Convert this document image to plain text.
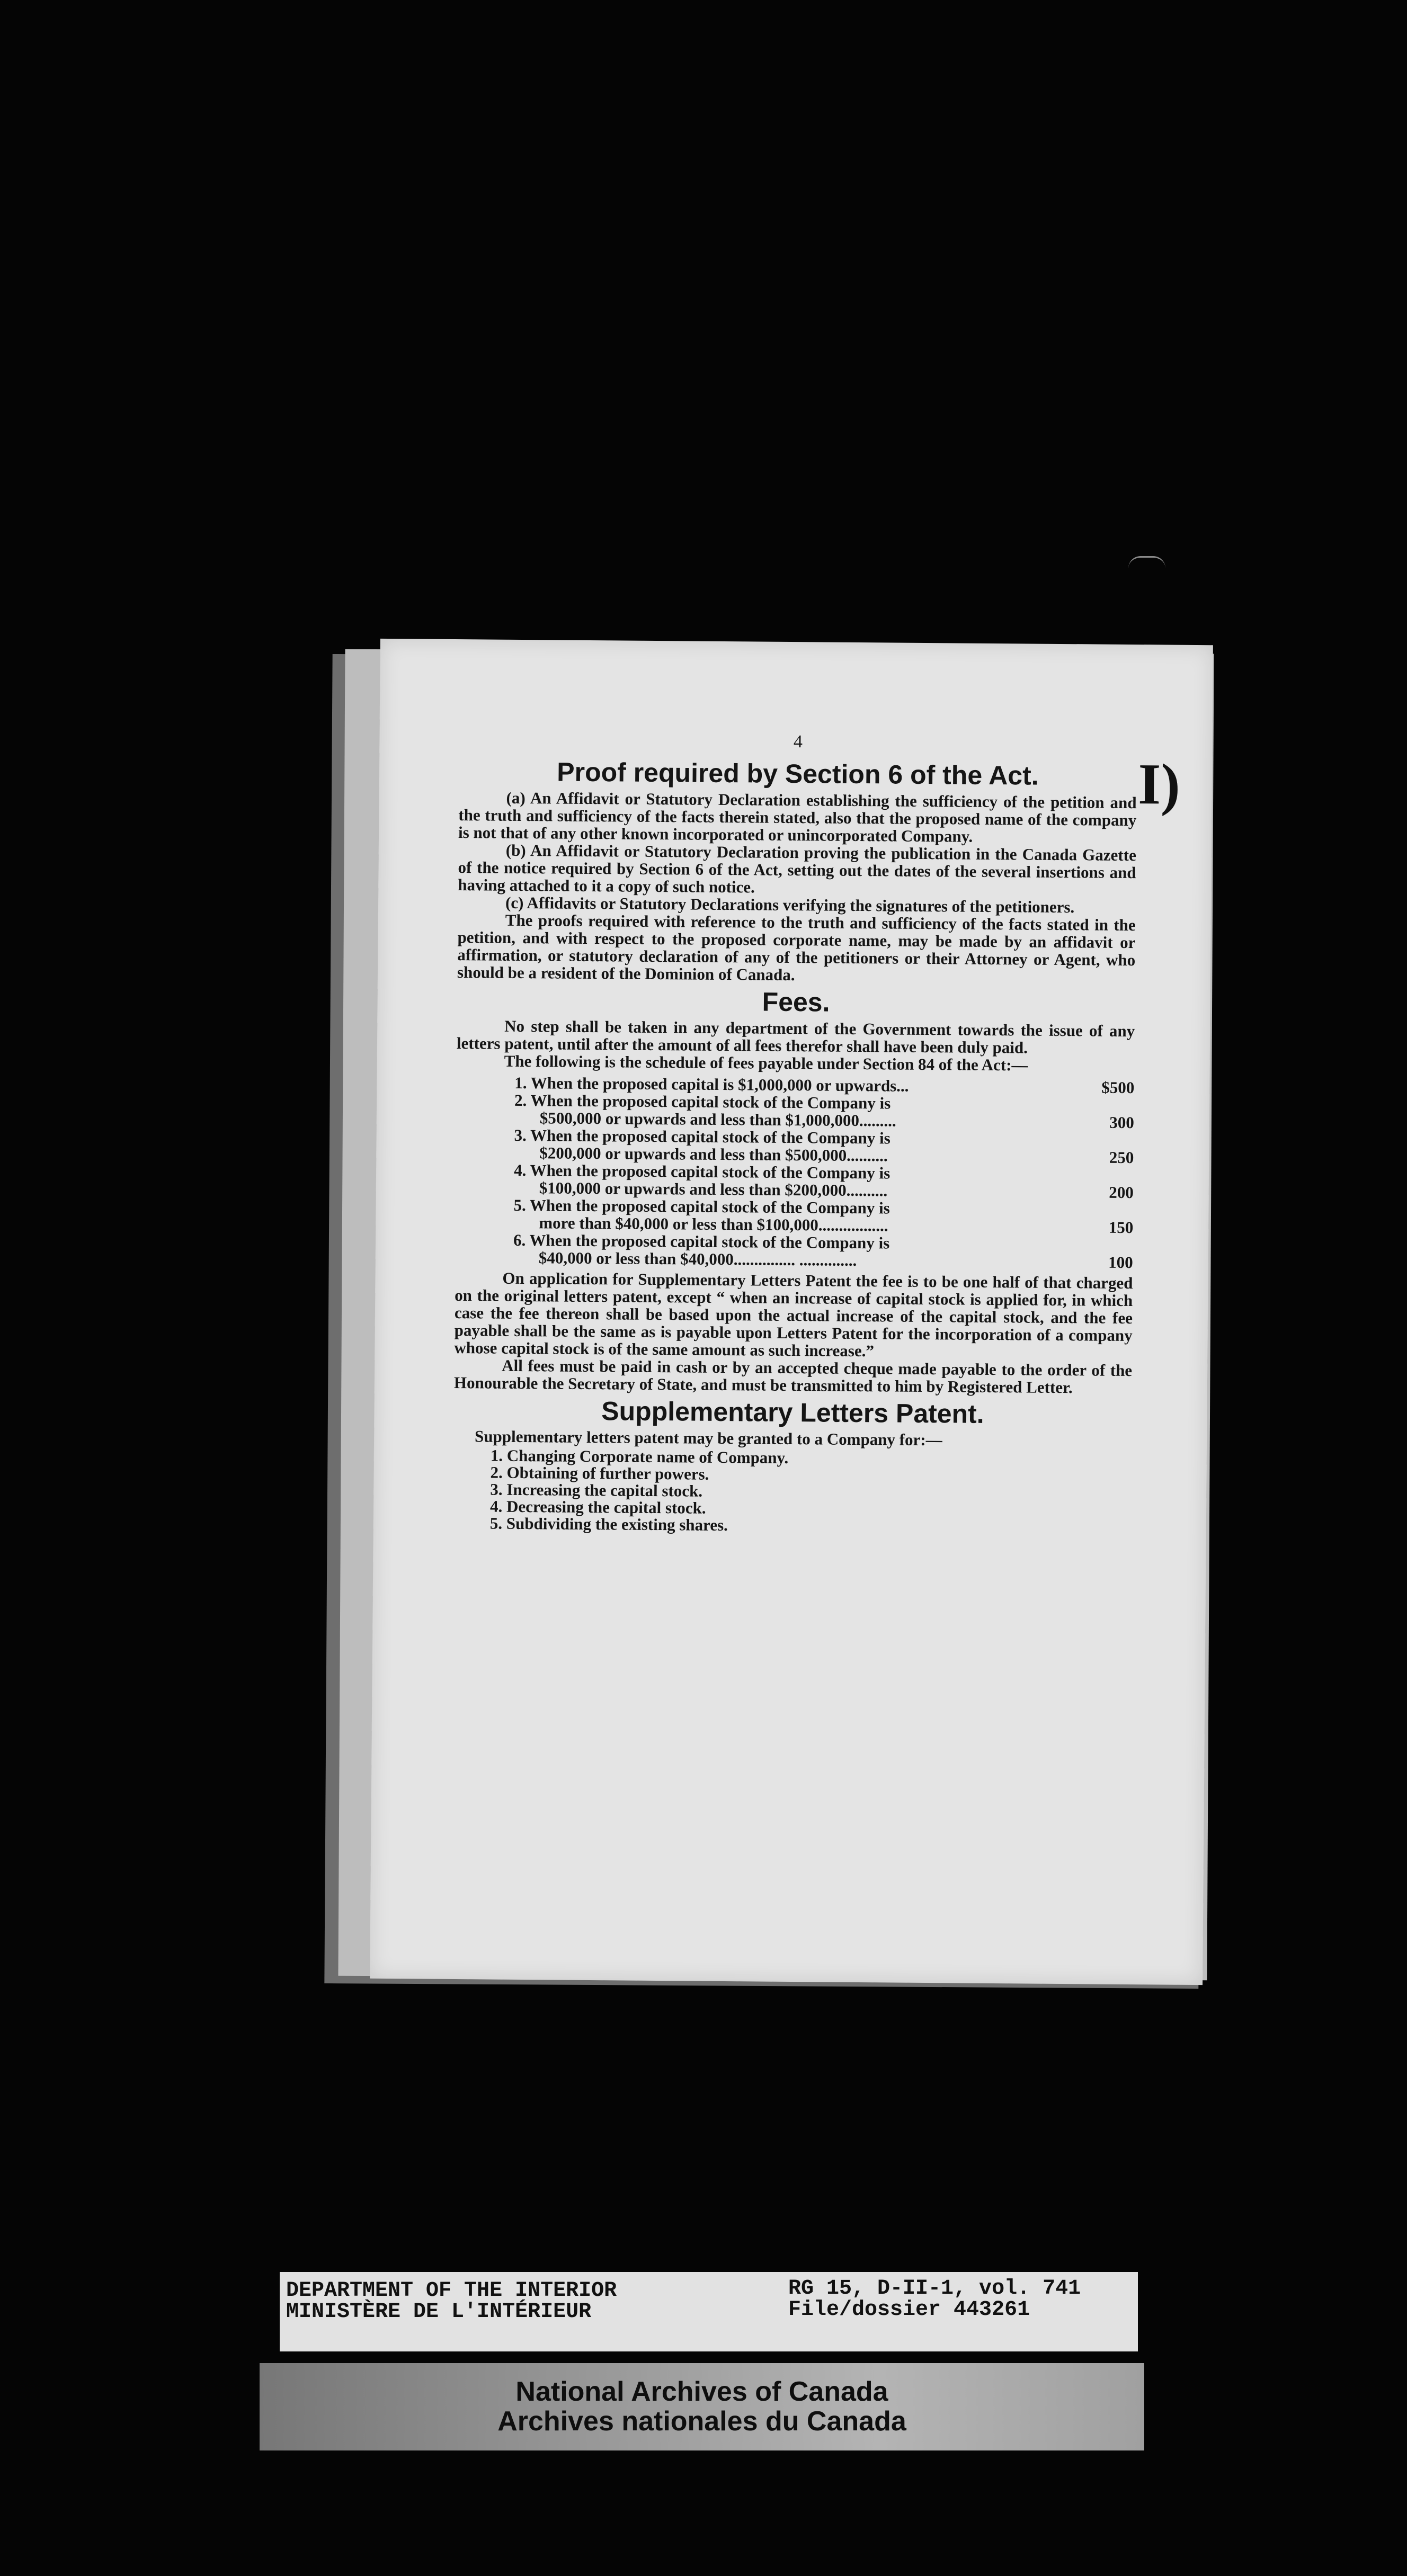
I)
4
Proof required by Section 6 of the Act.

(a) An Affidavit or Statutory Declaration establishing the sufficiency of the petition and the truth and sufficiency of the facts therein stated, also that the proposed name of the company is not that of any other known incorporated or unincorporated Company.

(b) An Affidavit or Statutory Declaration proving the publication in the Canada Gazette of the notice required by Section 6 of the Act, setting out the dates of the several insertions and having attached to it a copy of such notice.

(c) Affidavits or Statutory Declarations verifying the signatures of the petitioners.

The proofs required with reference to the truth and sufficiency of the facts stated in the petition, and with respect to the proposed corporate name, may be made by an affidavit or affirmation, or statutory declaration of any of the petitioners or their Attorney or Agent, who should be a resident of the Dominion of Canada.

Fees.

No step shall be taken in any department of the Government towards the issue of any letters patent, until after the amount of all fees therefor shall have been duly paid.

The following is the schedule of fees payable under Section 84 of the Act:—

1. When the proposed capital is $1,000,000 or upwards...	$500
2. When the proposed capital stock of the Company is
$500,000 or upwards and less than $1,000,000.........	300
3. When the proposed capital stock of the Company is
$200,000 or upwards and less than $500,000..........	250
4. When the proposed capital stock of the Company is
$100,000 or upwards and less than $200,000..........	200
5. When the proposed capital stock of the Company is
more than $40,000 or less than $100,000.................	150
6. When the proposed capital stock of the Company is
$40,000 or less than $40,000............... ..............	100

On application for Supplementary Letters Patent the fee is to be one half of that charged on the original letters patent, except “ when an increase of capital stock is applied for, in which case the fee thereon shall be based upon the actual increase of the capital stock, and the fee payable shall be the same as is payable upon Letters Patent for the incorporation of a company whose capital stock is of the same amount as such increase.”

All fees must be paid in cash or by an accepted cheque made payable to the order of the Honourable the Secretary of State, and must be transmitted to him by Registered Letter.

Supplementary Letters Patent.

Supplementary letters patent may be granted to a Company for:—

1. Changing Corporate name of Company.
2. Obtaining of further powers.
3. Increasing the capital stock.
4. Decreasing the capital stock.
5. Subdividing the existing shares.
DEPARTMENT OF THE INTERIOR
MINISTÈRE DE L'INTÉRIEUR
RG 15, D-II-1, vol. 741
File/dossier 443261
National Archives of Canada
Archives nationales du Canada
